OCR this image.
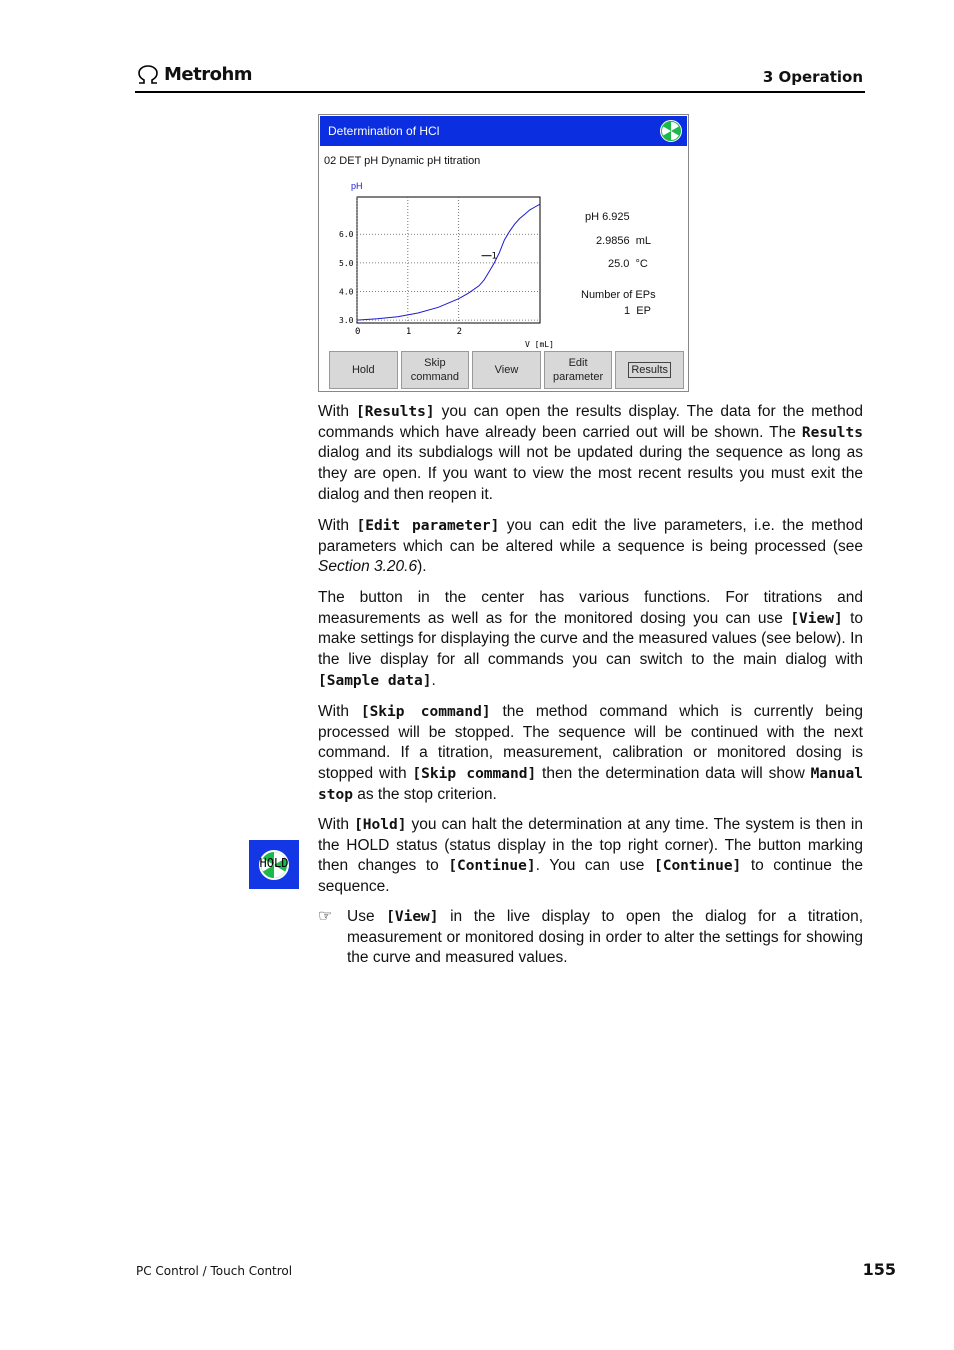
Metrohm	3 Operation
Determination of HCl
02 DET pH Dynamic pH titration
pH
0	1	2
3.0
4.0
5.0
6.0
V [mL]
1
pH 6.925
2.9856  mL
25.0  °C
Number of EPs
1  EP
Hold
Skip
command
View
Edit
parameter
Results

With [Results] you can open the results display. The data for the method commands which have already been carried out will be shown. The Results dialog and its subdialogs will not be updated during the sequence as long as they are open. If you want to view the most recent results you must exit the dialog and then reopen it.

With [Edit parameter] you can edit the live parameters, i.e. the method parameters which can be altered while a sequence is being processed (see Section 3.20.6).

The button in the center has various functions. For titrations and measurements as well as for the monitored dosing you can use [View] to make settings for displaying the curve and the measured values (see below). In the live display for all commands you can switch to the main dialog with [Sample data].

With [Skip command] the method command which is currently being processed will be stopped. The sequence will be continued with the next command. If a titration, measurement, calibration or monitored dosing is stopped with [Skip command] then the determination data will show Manual stop as the stop criterion.

With [Hold] you can halt the determination at any time. The system is then in the HOLD status (status display in the top right corner). The button marking then changes to [Continue]. You can use [Continue] to continue the sequence.

HOLD
☞ Use [View] in the live display to open the dialog for a titration, measurement or monitored dosing in order to alter the settings for showing the curve and measured values.
PC Control / Touch Control	155
